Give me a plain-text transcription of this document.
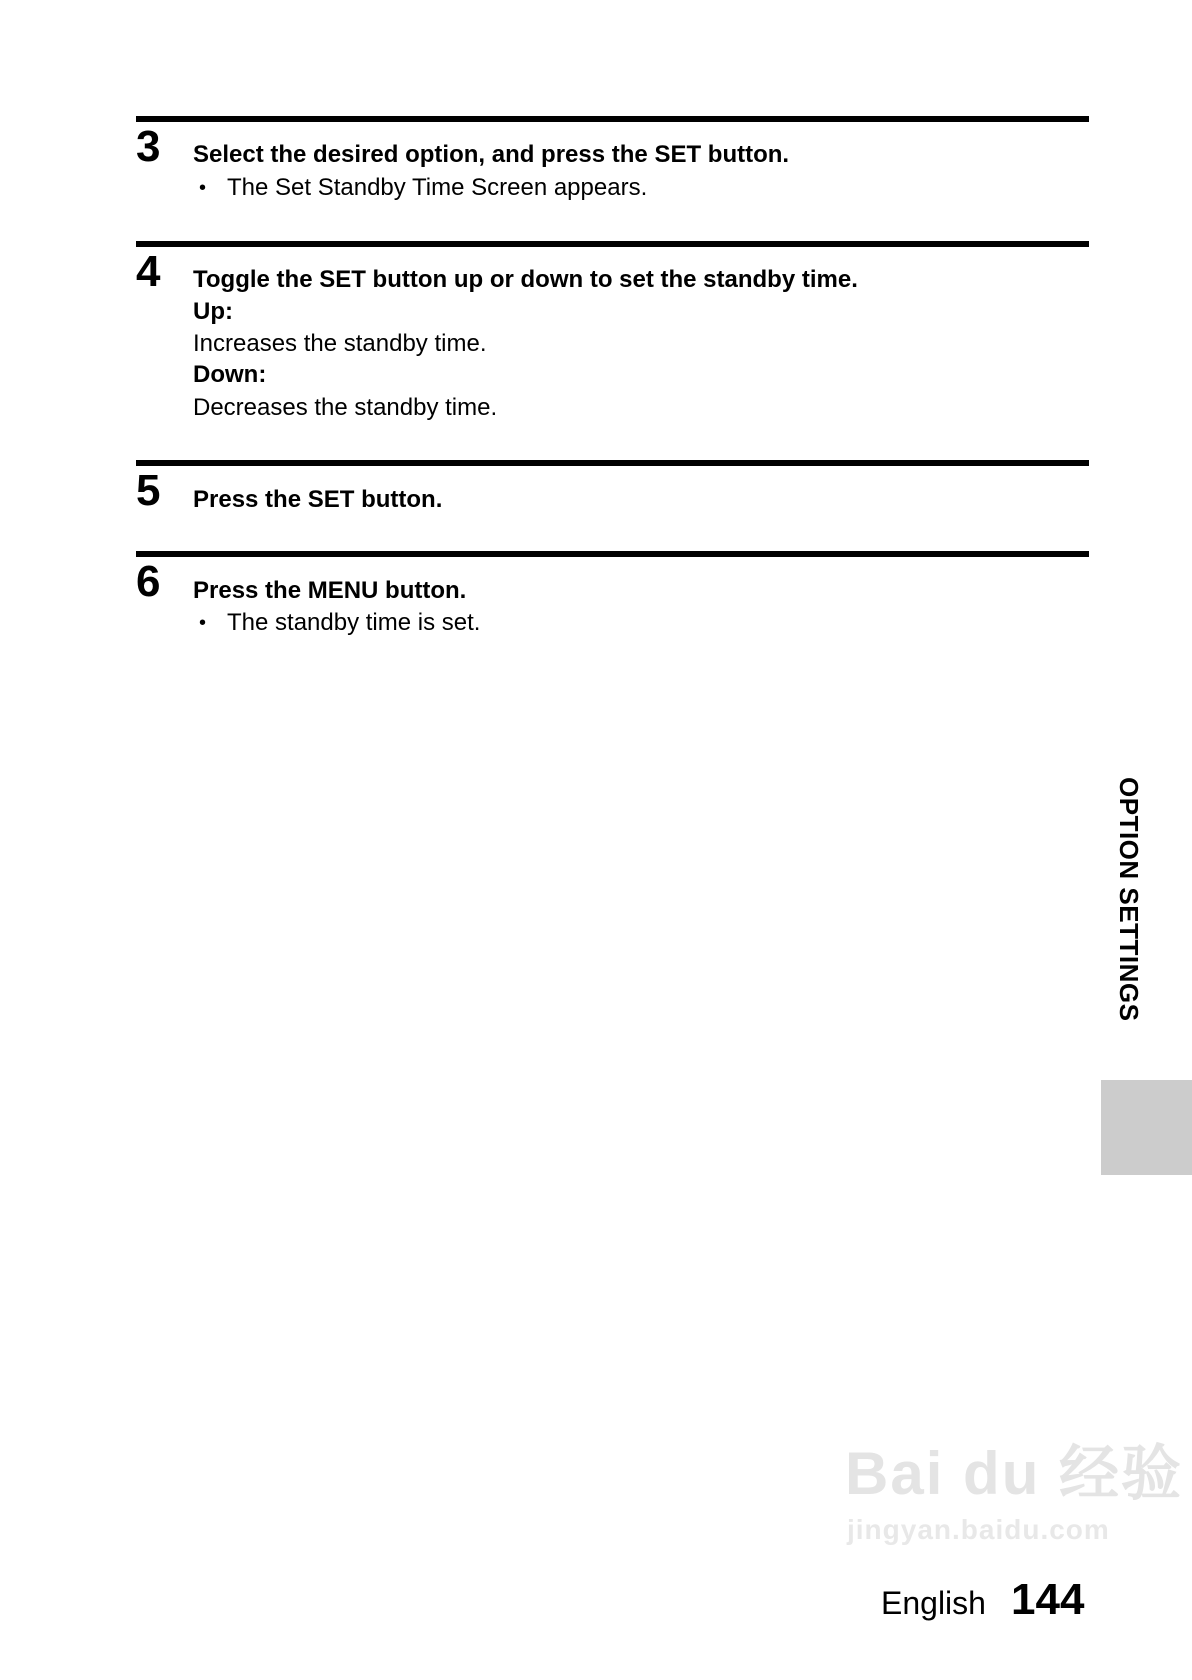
3 Select the desired option, and press the SET button.
• The Set Standby Time Screen appears.
4 Toggle the SET button up or down to set the standby time.
Up:
Increases the standby time.
Down:
Decreases the standby time.
5 Press the SET button.
6 Press the MENU button.
• The standby time is set.
OPTION SETTINGS
Bai du 经验
jingyan.baidu.com
English 144
